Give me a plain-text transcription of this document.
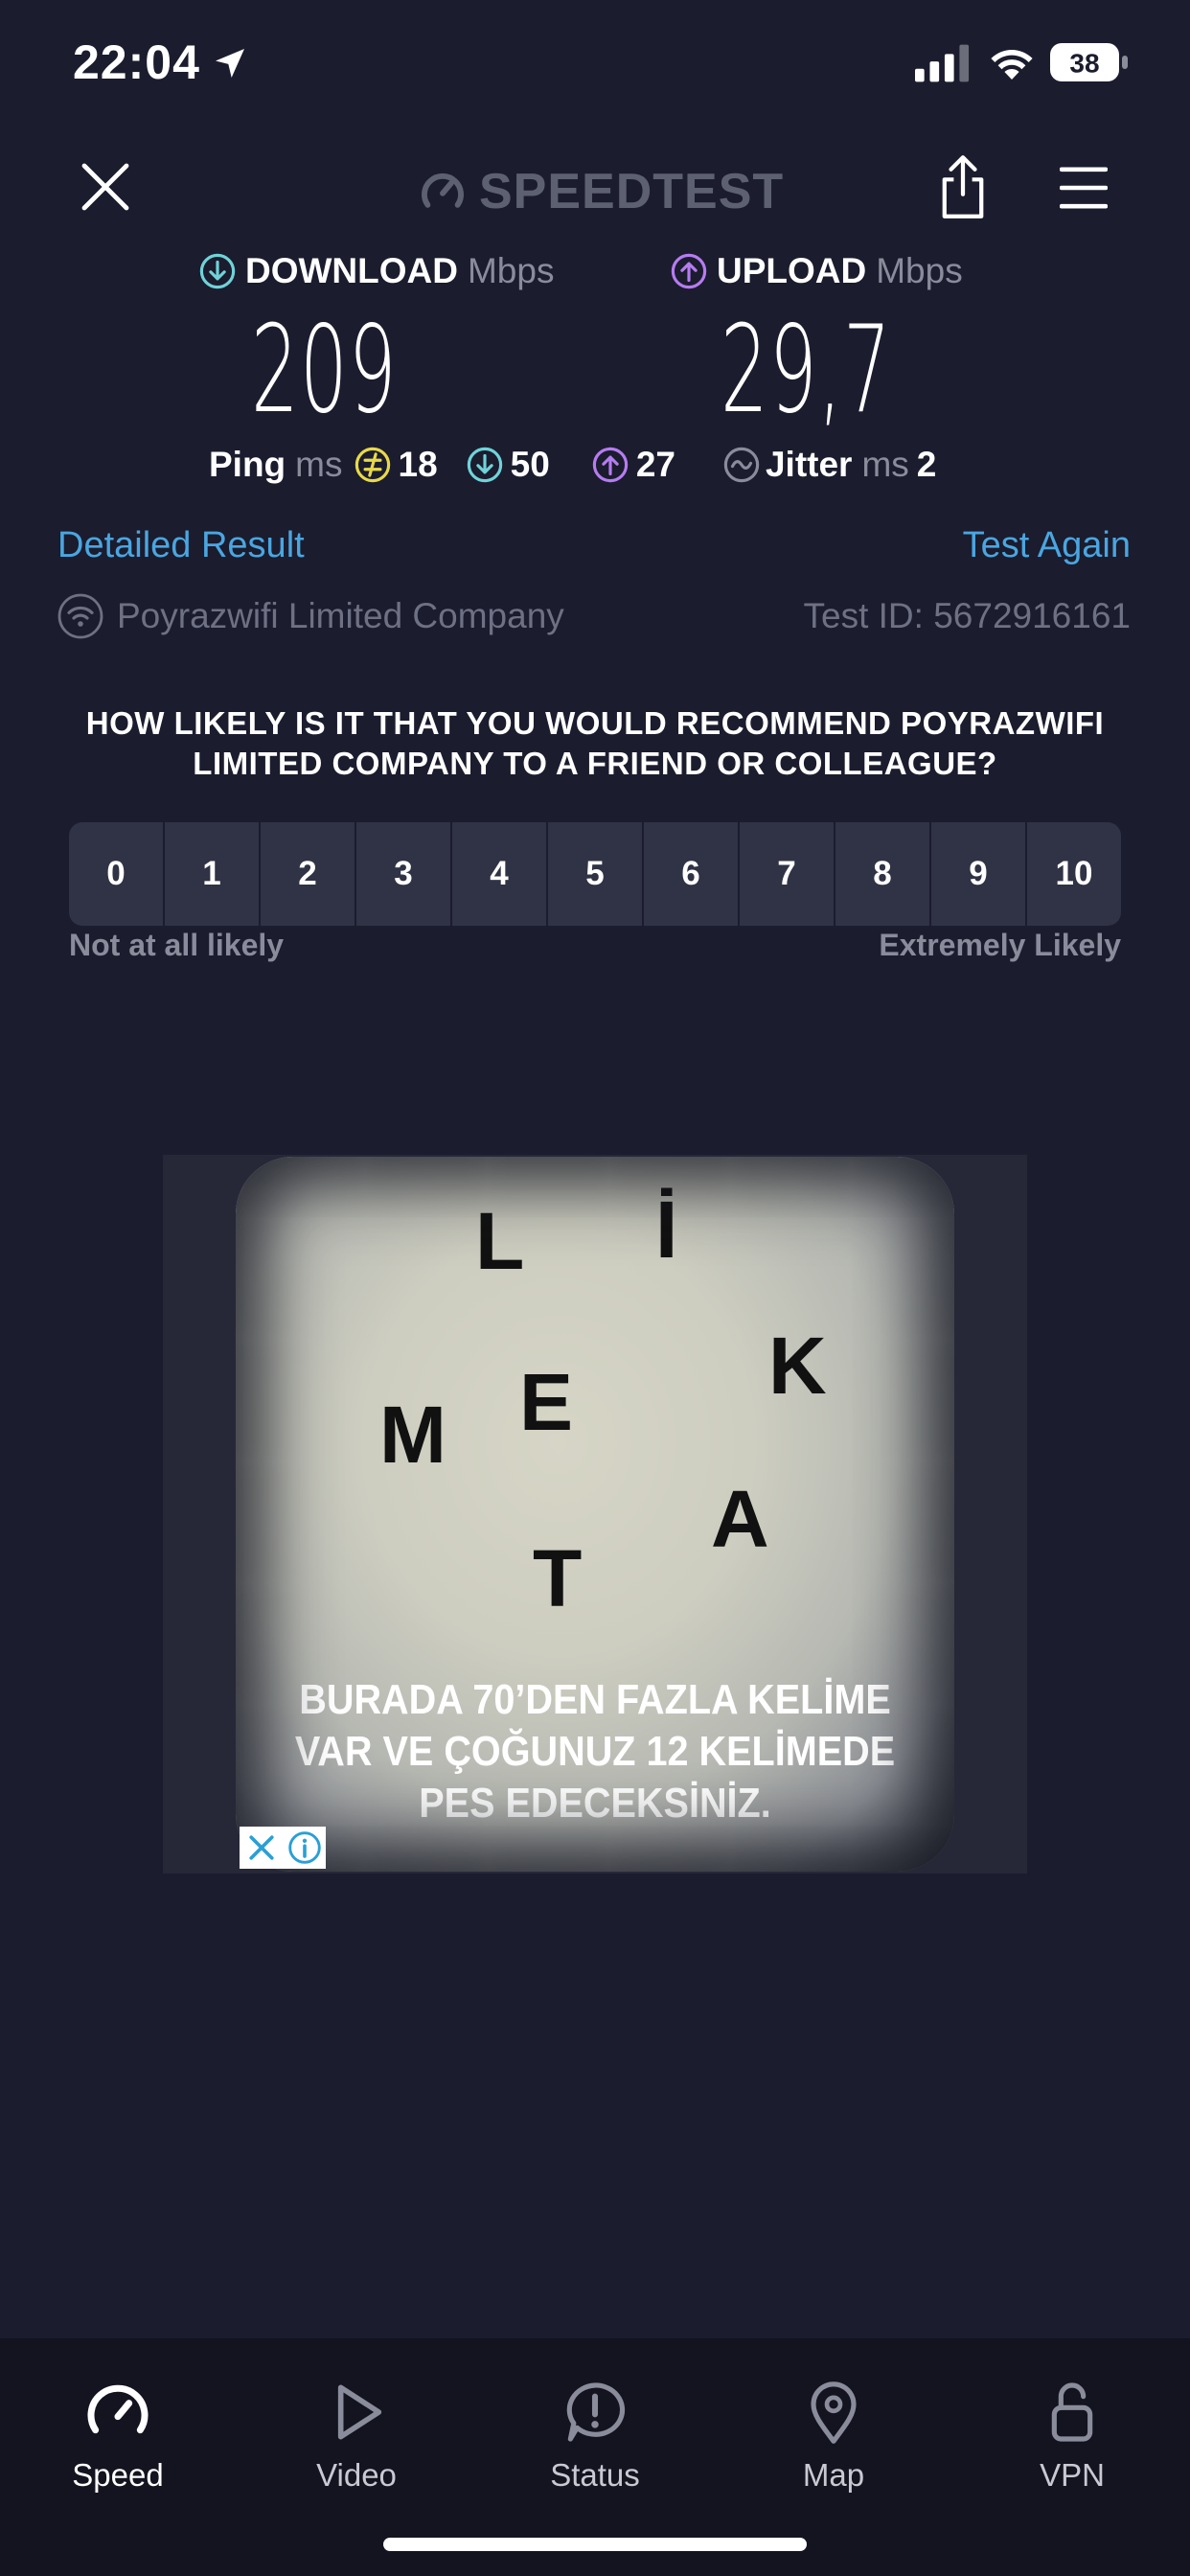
22:04	38
SPEEDTEST
DOWNLOAD Mbps
209
UPLOAD Mbps
29,7
Ping ms 18 50 27	Jitter ms 2
Detailed Result	Test Again
Poyrazwifi Limited Company	Test ID: 5672916161
HOW LIKELY IS IT THAT YOU WOULD RECOMMEND POYRAZWIFI LIMITED COMPANY TO A FRIEND OR COLLEAGUE?
0	1	2	3	4	5	6	7	8	9	10
Not at all likely	Extremely Likely
L İ
K
E
M
A
T
BURADA 70’DEN FAZLA KELİME
VAR VE ÇOĞUNUZ 12 KELİMEDE
PES EDECEKSİNİZ.
Speed	Video	Status	Map	VPN
